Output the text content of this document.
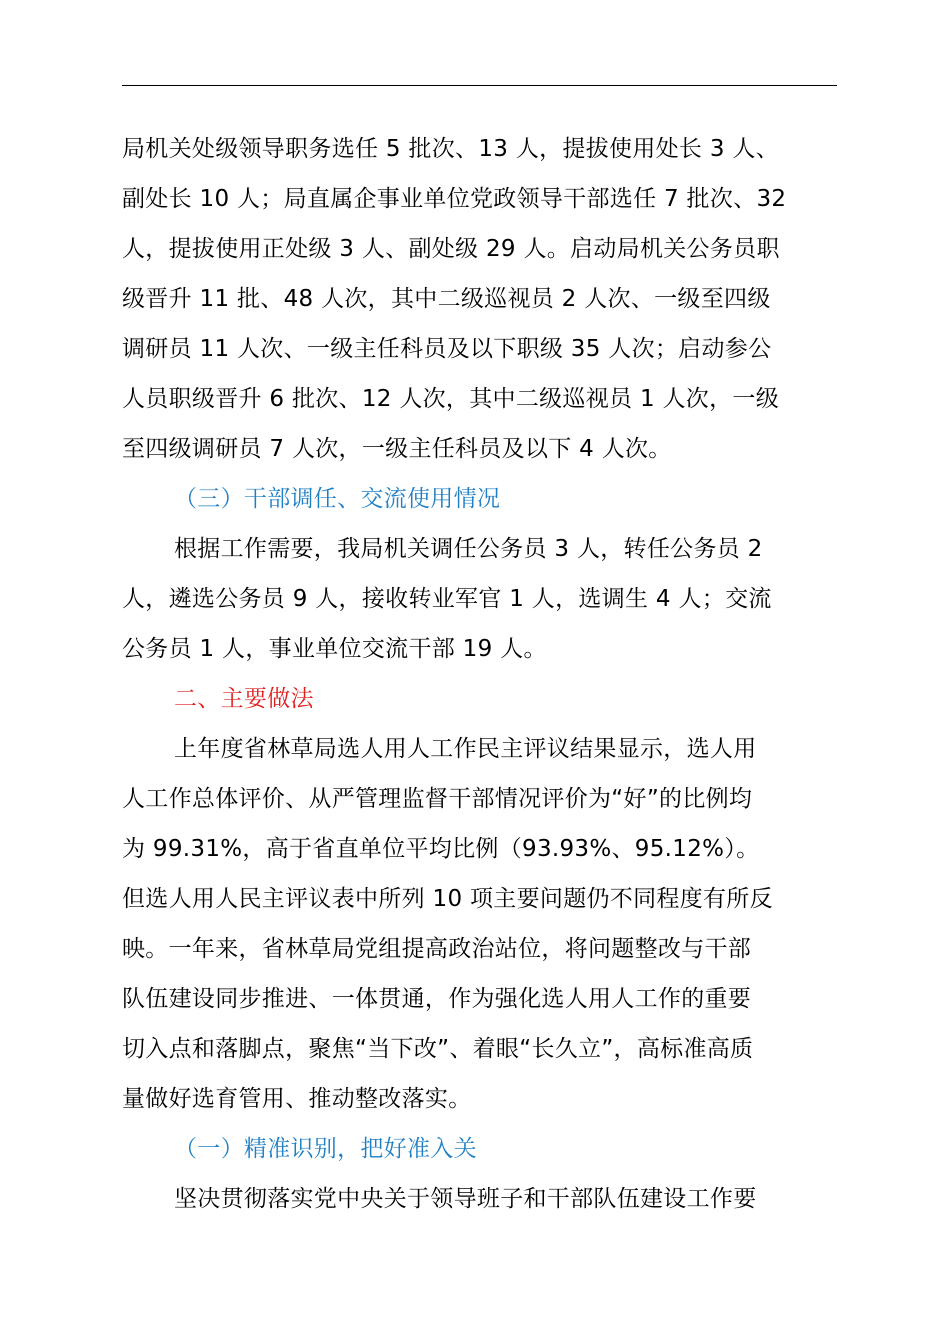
局机关处级领导职务选任 5 批次、13 人，提拔使用处长 3 人、
副处长 10 人；局直属企事业单位党政领导干部选任 7 批次、32
人，提拔使用正处级 3 人、副处级 29 人。启动局机关公务员职
级晋升 11 批、48 人次，其中二级巡视员 2 人次、一级至四级
调研员 11 人次、一级主任科员及以下职级 35 人次；启动参公
人员职级晋升 6 批次、12 人次，其中二级巡视员 1 人次，一级
至四级调研员 7 人次，一级主任科员及以下 4 人次。
（三）干部调任、交流使用情况
根据工作需要，我局机关调任公务员 3 人，转任公务员 2
人，遴选公务员 9 人，接收转业军官 1 人，选调生 4 人；交流
公务员 1 人，事业单位交流干部 19 人。
二、主要做法
上年度省林草局选人用人工作民主评议结果显示，选人用
人工作总体评价、从严管理监督干部情况评价为“好”的比例均
为 99.31%，高于省直单位平均比例（93.93%、95.12%）。
但选人用人民主评议表中所列 10 项主要问题仍不同程度有所反
映。一年来，省林草局党组提高政治站位，将问题整改与干部
队伍建设同步推进、一体贯通，作为强化选人用人工作的重要
切入点和落脚点，聚焦“当下改”、着眼“长久立”，高标准高质
量做好选育管用、推动整改落实。
（一）精准识别，把好准入关
坚决贯彻落实党中央关于领导班子和干部队伍建设工作要
